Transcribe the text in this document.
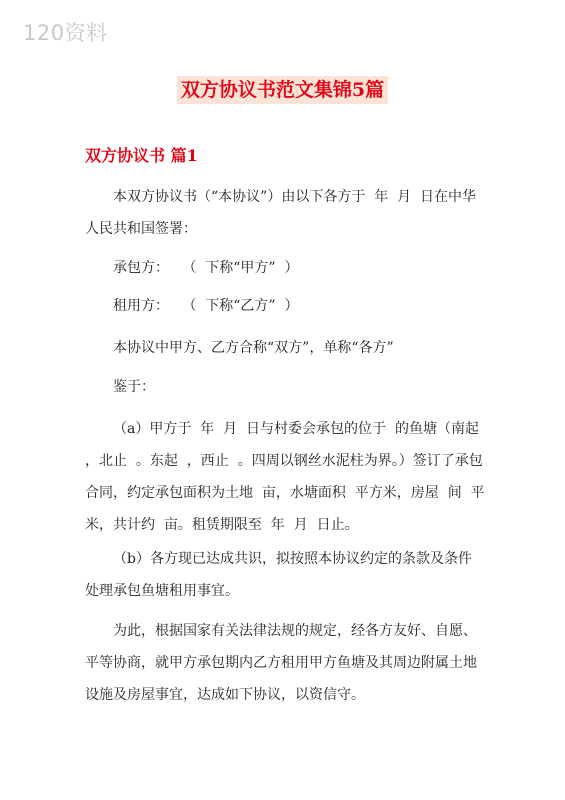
120资料
双方协议书范文集锦5篇
双方协议书 篇1

本双方协议书（“本协议”）由以下各方于  年  月  日在中华人民共和国签署：

承包方：   （  下称“甲方”  ）

租用方：   （  下称“乙方”  ）

本协议中甲方、乙方合称“双方”，单称“各方”

鉴于：

（a）甲方于  年  月  日与村委会承包的位于  的鱼塘（南起  ，北止  。东起  ，西止  。四周以钢丝水泥柱为界。）签订了承包合同，约定承包面积为土地  亩，水塘面积  平方米，房屋  间  平米，共计约  亩。租赁期限至  年  月  日止。

（b）各方现已达成共识，拟按照本协议约定的条款及条件处理承包鱼塘租用事宜。

为此，根据国家有关法律法规的规定，经各方友好、自愿、平等协商，就甲方承包期内乙方租用甲方鱼塘及其周边附属土地设施及房屋事宜，达成如下协议，以资信守。
